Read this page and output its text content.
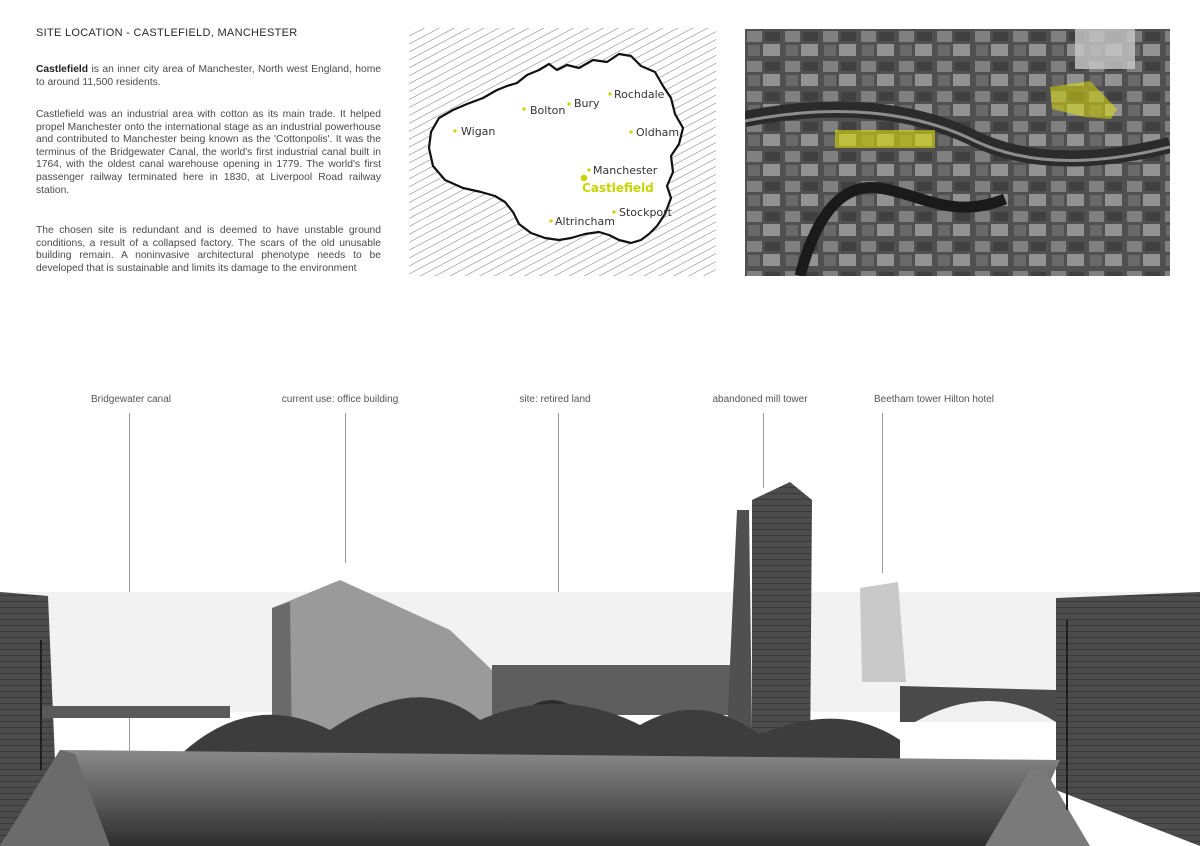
SITE LOCATION - CASTLEFIELD, MANCHESTER

Castlefield is an inner city area of Manchester, North west England, home to around 11,500 residents.

Castlefield was an industrial area with cotton as its main trade. It helped propel Manchester onto the international stage as an industrial powerhouse and contributed to Manchester being known as the 'Cottonpolis'. It was the terminus of the Bridgewater Canal, the world's first industrial canal built in 1764, with the oldest canal warehouse opening in 1779. The world's first passenger railway terminated here in 1830, at Liverpool Road railway station.

The chosen site is redundant and is deemed to have unstable ground conditions, a result of a collapsed factory. The scars of the old unusable building remain. A noninvasive architectural phenotype needs to be developed that is sustainable and limits its damage to the environment

Wigan
Bolton
Bury
Rochdale
Oldham
Manchester
Castlefield
Stockport
Altrincham
Bridgewater canal	current use: office building	site: retired land	abandoned mill tower	Beetham tower Hilton hotel
